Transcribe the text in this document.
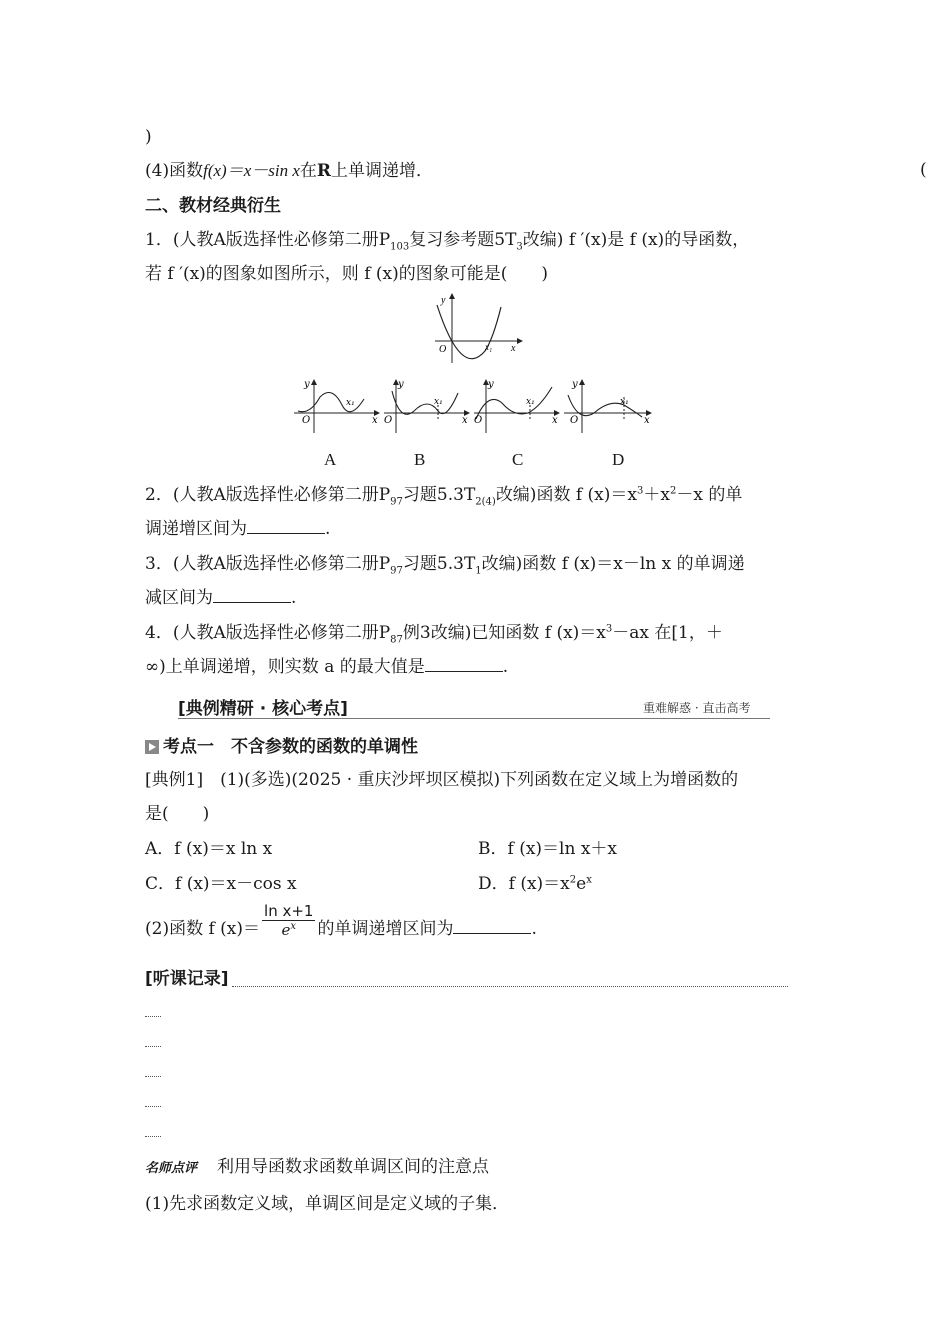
)
(4)函数f(x)＝x－sin x在R上单调递增．	(
二、教材经典衍生
1．(人教A版选择性必修第二册$P_{103}$复习参考题$5T_3$改编) f ′(x)是 f (x)的导函数，
若 f ′(x)的图象如图所示，则 f (x)的图象可能是(　　)
y
O	x₁ x
y
O
x₁
x
y
O
x₁
x
y
O
x₁
x
y
O
x₁
x
A	B	C	D
2．(人教A版选择性必修第二册$P_{97}$习题$5.3T_{2(4)}$改编)函数 f $(x)=x^3+x^2-x$ 的单
调递增区间为	.
3．(人教A版选择性必修第二册$P_{97}$习题$5.3T_1$改编)函数 f (x)＝x－ln x 的单调递
减区间为	.
4．(人教A版选择性必修第二册$P_{87}$例3改编)已知函数 f $(x)=x^3-ax$ 在[1，＋
∞)上单调递增，则实数 a 的最大值是	.
[典例精研 · 核心考点]	重难解惑 · 直击高考
考点一　不含参数的函数的单调性
[典例1]　(1)(多选)(2025 · 重庆沙坪坝区模拟)下列函数在定义域上为增函数的
是(　　)
A．f (x)＝x ln x	B．f (x)＝ln x＋x
C．f (x)＝x－cos x	D．f $(x)=x^2e^x$
(2)函数 f $(x)= \frac{\text{ln x+1}}{e^x}$ 的单调递增区间为	.
[听课记录]
名师点评 利用导函数求函数单调区间的注意点
(1)先求函数定义域，单调区间是定义域的子集．
